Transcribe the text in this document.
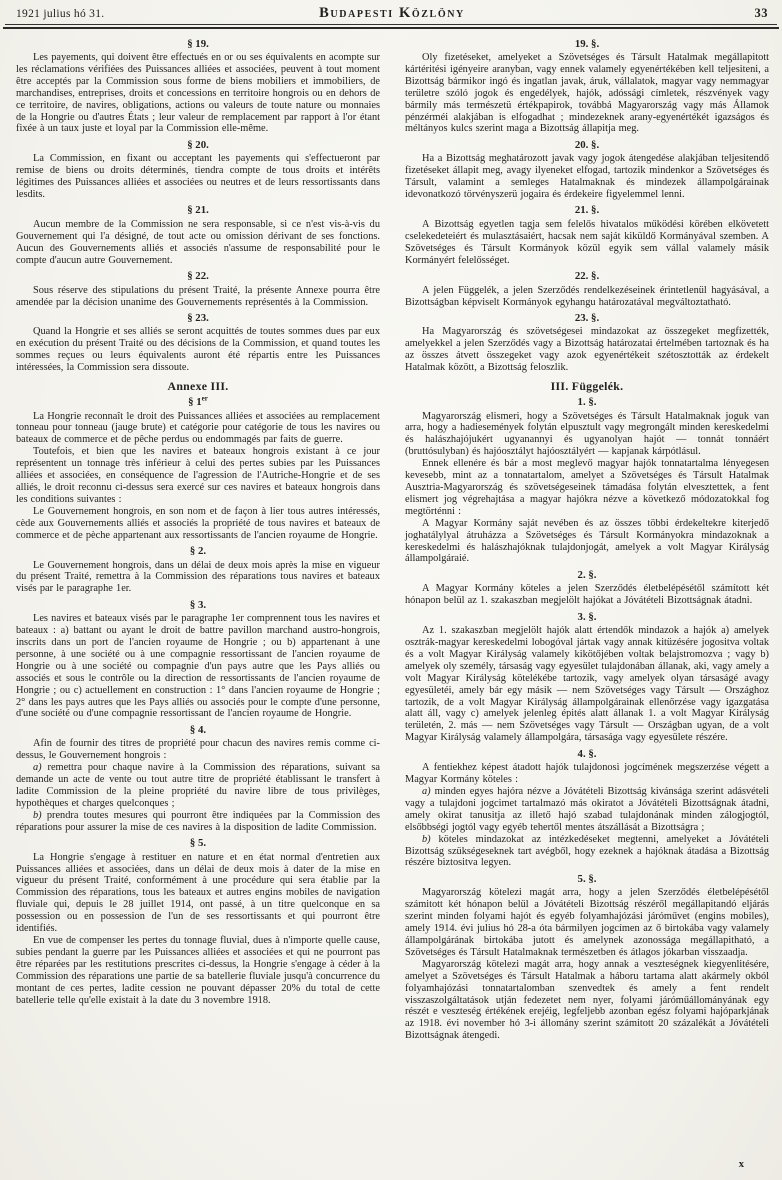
1921 julius hó 31.	Budapesti Közlöny	33
§ 19.

Les payements, qui doivent être effectués en or ou ses équivalents en acompte sur les réclamations vérifiées des Puissances alliées et associées, peuvent à tout moment être acceptés par la Commission sous forme de biens mobiliers et immobiliers, de marchandises, entreprises, droits et concessions en territoire hongrois ou en dehors de ce territoire, de navires, obligations, actions ou valeurs de toute nature ou monnaies de la Hongrie ou d'autres États ; leur valeur de remplacement par rapport à l'or étant fixée à un taux juste et loyal par la Commission elle-même.

§ 20.

La Commission, en fixant ou acceptant les payements qui s'effectueront par remise de biens ou droits déterminés, tiendra compte de tous droits et intérêts légitimes des Puissances alliées et associées ou neutres et de leurs ressortissants dans lesdits.

§ 21.

Aucun membre de la Commission ne sera responsable, si ce n'est vis-à-vis du Gouvernement qui l'a désigné, de tout acte ou omission dérivant de ses fonctions. Aucun des Gouvernements alliés et associés n'assume de responsabilité pour le compte d'aucun autre Gouvernement.

§ 22.

Sous réserve des stipulations du présent Traité, la présente Annexe pourra être amendée par la décision unanime des Gouvernements représentés à la Commission.

§ 23.

Quand la Hongrie et ses alliés se seront acquittés de toutes sommes dues par eux en exécution du présent Traité ou des décisions de la Commission, et quand toutes les sommes reçues ou leurs équivalents auront été répartis entre les Puissances intéressées, la Commission sera dissoute.

Annexe III.
§ 1er

La Hongrie reconnaît le droit des Puissances alliées et associées au remplacement tonneau pour tonneau (jauge brute) et catégorie pour catégorie de tous les navires ou bateaux de commerce et de pêche perdus ou endommagés par faits de guerre.

Toutefois, et bien que les navires et bateaux hongrois existant à ce jour représentent un tonnage très inférieur à celui des pertes subies par les Puissances alliées et associées, en conséquence de l'agression de l'Autriche-Hongrie et de ses alliés, le droit reconnu ci-dessus sera exercé sur ces navires et bateaux hongrois dans les conditions suivantes :

Le Gouvernement hongrois, en son nom et de façon à lier tous autres intéressés, cède aux Gouvernements alliés et associés la propriété de tous navires et bateaux de commerce et de pèche appartenant aux ressortissants de l'ancien royaume de Hongrie.

§ 2.

Le Gouvernement hongrois, dans un délai de deux mois après la mise en vigueur du présent Traité, remettra à la Commission des réparations tous navires et bateaux visés par le paragraphe 1er.

§ 3.

Les navires et bateaux visés par le paragraphe 1er comprennent tous les navires et bateaux : a) battant ou ayant le droit de battre pavillon marchand austro-hongrois, inscrits dans un port de l'ancien royaume de Hongrie ; ou b) appartenant à une personne, à une société ou à une compagnie ressortissant de l'ancien royaume de Hongrie ou à une société ou compagnie d'un pays autre que les Pays alliés ou associés et sous le contrôle ou la direction de ressortissants de l'ancien royaume de Hongrie ; ou c) actuellement en construction : 1° dans l'ancien royaume de Hongrie ; 2° dans les pays autres que les Pays alliés ou associés pour le compte d'une personne, d'une société ou d'une compagnie ressortissant de l'ancien royaume de Hongrie.

§ 4.

Afin de fournir des titres de propriété pour chacun des navires remis comme ci-dessus, le Gouvernement hongrois :

a) remettra pour chaque navire à la Commission des réparations, suivant sa demande un acte de vente ou tout autre titre de propriété établissant le transfert à ladite Commission de la pleine propriété du navire libre de tous privilèges, hypothèques et charges quelconques ;

b) prendra toutes mesures qui pourront être indiquées par la Commission des réparations pour assurer la mise de ces navires à la disposition de ladite Commission.

§ 5.

La Hongrie s'engage à restituer en nature et en état normal d'entretien aux Puissances alliées et associées, dans un délai de deux mois à dater de la mise en vigueur du présent Traité, conformément à une procédure qui sera établie par la Commission des réparations, tous les bateaux et autres engins mobiles de navigation fluviale qui, depuis le 28 juillet 1914, ont passé, à un titre quelconque en sa possession ou en possession de l'un de ses ressortissants et qui pourront être identifiés.

En vue de compenser les pertes du tonnage fluvial, dues à n'importe quelle cause, subies pendant la guerre par les Puissances alliées et associées et qui ne pourront pas être réparées par les restitutions prescrites ci-dessus, la Hongrie s'engage à céder à la Commission des réparations une partie de sa batellerie fluviale jusqu'à concurrence du montant de ces pertes, ladite cession ne pouvant dépasser 20% du total de cette batellerie telle qu'elle existait à la date du 3 novembre 1918.

19. §.

Oly fizetéseket, amelyeket a Szövetséges és Társult Hatalmak megállapitott kártéritési igényeire aranyban, vagy ennek valamely egyenértékében kell teljesiteni, a Bizottság bármikor ingó és ingatlan javak, áruk, vállalatok, magyar vagy nemmagyar területre szóló jogok és engedélyek, hajók, adóssági címletek, részvények vagy bármily más természetü értékpapirok, továbbá Magyarország vagy más Államok pénzérméi alakjában is elfogadhat ; mindezeknek arany-egyenértékét igazságos és méltányos kulcs szerint maga a Bizottság állapitja meg.

20. §.

Ha a Bizottság meghatározott javak vagy jogok átengedése alakjában teljesitendő fizetéseket állapit meg, avagy ilyeneket elfogad, tartozik mindenkor a Szövetséges és Társult, valamint a semleges Hatalmaknak és mindezek állampolgárainak idevonatkozó törvényszerü jogaira és érdekeire figyelemmel lenni.

21. §.

A Bizottság egyetlen tagja sem felelős hivatalos működési körében elkövetett cselekedeteiért és mulasztásaiért, hacsak nem saját kiküldő Kormányával szemben. A Szövetséges és Társult Kormányok közül egyik sem vállal valamely másik Kormányért felelősséget.

22. §.

A jelen Függelék, a jelen Szerződés rendelkezéseinek érintetlenül hagyásával, a Bizottságban képviselt Kormányok egyhangu határozatával megváltoztatható.

23. §.

Ha Magyarország és szövetségesei mindazokat az összegeket megfizették, amelyekkel a jelen Szerződés vagy a Bizottság határozatai értelmében tartoznak és ha az összes átvett összegeket vagy azok egyenértékeit szétosztották az érdekelt Hatalmak között, a Bizottság feloszlik.

III. Függelék.
1. §.

Magyarország elismeri, hogy a Szövetséges és Társult Hatalmaknak joguk van arra, hogy a hadiesemények folytán elpusztult vagy megrongált minden kereskedelmi és halászhajójukért ugyanannyi és ugyanolyan hajót — tonnát tonnáért (bruttósulyban) és hajóosztályt hajóosztályért — kapjanak kárpótlásul.

Ennek ellenére és bár a most meglevő magyar hajók tonnatartalma lényegesen kevesebb, mint az a tonnatartalom, amelyet a Szövetséges és Társult Hatalmak Ausztria-Magyarország és szövetségeseinek támadása folytán elvesztettek, a fent elismert jog végrehajtása a magyar hajókra nézve a következő módozatokkal fog megtörténni :

A Magyar Kormány saját nevében és az összes többi érdekeltekre kiterjedő joghatálylyal átruházza a Szövetséges és Társult Kormányokra mindazoknak a kereskedelmi és halászhajóknak tulajdonjogát, amelyek a volt Magyar Királyság állampolgáraié.

2. §.

A Magyar Kormány köteles a jelen Szerződés életbelépésétől számított két hónapon belül az 1. szakaszban megjelölt hajókat a Jóvátételi Bizottságnak átadni.

3. §.

Az 1. szakaszban megjelölt hajók alatt értendők mindazok a hajók a) amelyek osztrák-magyar kereskedelmi lobogóval jártak vagy annak kitüzésére jogositva voltak és a volt Magyar Királyság valamely kikötőjében voltak belajstromozva ; vagy b) amelyek oly személy, társaság vagy egyesület tulajdonában állanak, aki, vagy amely a volt Magyar Királyság kötelékébe tartozik, vagy amelyek olyan társaságé avagy egyesületéi, amely bár egy másik — nem Szövetséges vagy Társult — Országhoz tartozik, de a volt Magyar Királyság állampolgárainak ellenőrzése vagy igazgatása alatt áll, vagy c) amelyek jelenleg épités alatt állanak 1. a volt Magyar Királyság területén, 2. más — nem Szövetséges vagy Társult — Országban ugyan, de a volt Magyar Királyság valamely állampolgára, társasága vagy egyesülete részére.

4. §.

A fentiekhez képest átadott hajók tulajdonosi jogcímének megszerzése végett a Magyar Kormány köteles :

a) minden egyes hajóra nézve a Jóvátételi Bizottság kivánsága szerint adásvételi vagy a tulajdoni jogcimet tartalmazó más okiratot a Jóvátételi Bizottságnak átadni, amely okirat tanusitja az illető hajó szabad tulajdonának minden zálogjogtól, elsőbbségi jogtól vagy egyéb tehertől mentes átszállását a Bizottságra ;

b) köteles mindazokat az intézkedéseket megtenni, amelyeket a Jóvátételi Bizottság szükségeseknek tart avégből, hogy ezeknek a hajóknak átadása a Bizottság részére biztositva legyen.

5. §.

Magyarország kötelezi magát arra, hogy a jelen Szerződés életbelépésétől számitott két hónapon belül a Jóvátételi Bizottság részéről megállapitandó eljárás szerint minden folyami hajót és egyéb folyamhajózási járóművet (engins mobiles), amely 1914. évi julius hó 28-a óta bármilyen jogcímen az ő birtokába vagy valamely állampolgárának birtokába jutott és amelynek azonossága megállapitható, a Szövetséges és Társult Hatalmaknak természetben és átlagos jókarban visszaadja.

Magyarország kötelezi magát arra, hogy annak a veszteségnek kiegyenlitésére, amelyet a Szövetséges és Társult Hatalmak a háboru tartama alatt akármely okból folyamhajózási tonnatartalomban szenvedtek és amely a fent rendelt visszaszolgáltatások utján fedezetet nem nyer, folyami járóműállományának egy részét e veszteség értékének erejéig, legfeljebb azonban egész folyami hajóparkjának az 1918. évi november hó 3-i állomány szerint számitott 20 százalékát a Jóvátételi Bizottságnak átengedi.

x
